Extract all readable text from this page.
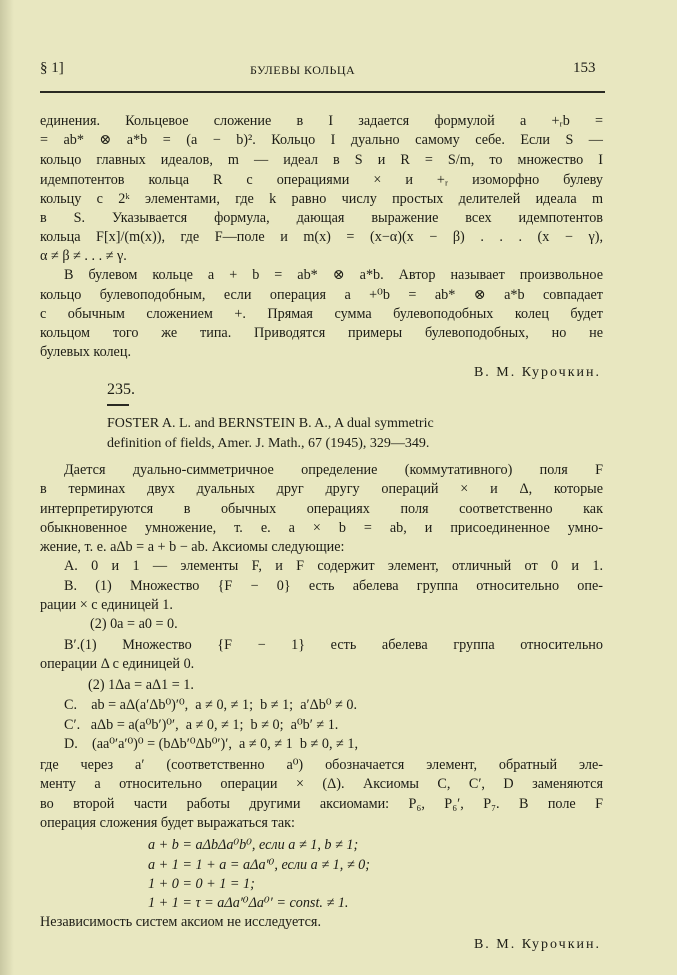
§ 1]	БУЛЕВЫ КОЛЬЦА	153
единения. Кольцевое сложение в I задается формулой a +ᵣb =
= ab* ⊗ a*b = (a − b)². Кольцо I дуально самому себе. Если S —
кольцо главных идеалов, m — идеал в S и R = S/m, то множество I
идемпотентов кольца R с операциями × и +ᵣ изоморфно булеву
кольцу с 2ᵏ элементами, где k равно числу простых делителей идеала m
в S. Указывается формула, дающая выражение всех идемпотентов
кольца F[x]/(m(x)), где F—поле и m(x) = (x−α)(x − β) . . . (x − γ),
α ≠ β ≠ . . . ≠ γ.
В булевом кольце a + b = ab* ⊗ a*b. Автор называет произвольное
кольцо булевоподобным, если операция a +⁰b = ab* ⊗ a*b совпадает
с обычным сложением +. Прямая сумма булевоподобных колец будет
кольцом того же типа. Приводятся примеры булевоподобных, но не
булевых колец.
В. М. Курочкин.
235.
FOSTER A. L. and BERNSTEIN B. A., A dual symmetric
definition of fields, Amer. J. Math., 67 (1945), 329—349.
Дается дуально-симметричное определение (коммутативного) поля F
в терминах двух дуальных друг другу операций × и Δ, которые
интерпретируются в обычных операциях поля соответственно как
обыкновенное умножение, т. е. a × b = ab, и присоединенное умно-
жение, т. е. aΔb = a + b − ab. Аксиомы следующие:
A. 0 и 1 — элементы F, и F содержит элемент, отличный от 0 и 1.
B. (1) Множество {F − 0} есть абелева группа относительно опе-
рации × с единицей 1.
(2) 0a = a0 = 0.
B′.(1) Множество {F − 1} есть абелева группа относительно
операции Δ с единицей 0.
(2) 1Δa = aΔ1 = 1.
C.    ab = aΔ(a′Δb⁰)′⁰,  a ≠ 0, ≠ 1;  b ≠ 1;  a′Δb⁰ ≠ 0.
C′.   aΔb = a(a⁰b′)⁰′,  a ≠ 0, ≠ 1;  b ≠ 0;  a⁰b′ ≠ 1.
D.    (aa⁰′a′⁰)⁰ = (bΔb′⁰Δb⁰′)′,  a ≠ 0, ≠ 1  b ≠ 0, ≠ 1,
где через a′ (соответственно a⁰) обозначается элемент, обратный эле-
менту a относительно операции × (Δ). Аксиомы C, C′, D заменяются
во второй части работы другими аксиомами: P₆, P₆′, P₇. В поле F
операция сложения будет выражаться так:
a + b = aΔbΔa⁰b⁰, если a ≠ 1, b ≠ 1;
a + 1 = 1 + a = aΔa′⁰, если a ≠ 1, ≠ 0;
1 + 0 = 0 + 1 = 1;
1 + 1 = τ = aΔa′⁰Δa⁰′ = const. ≠ 1.
Независимость систем аксиом не исследуется.
В. М. Курочкин.
